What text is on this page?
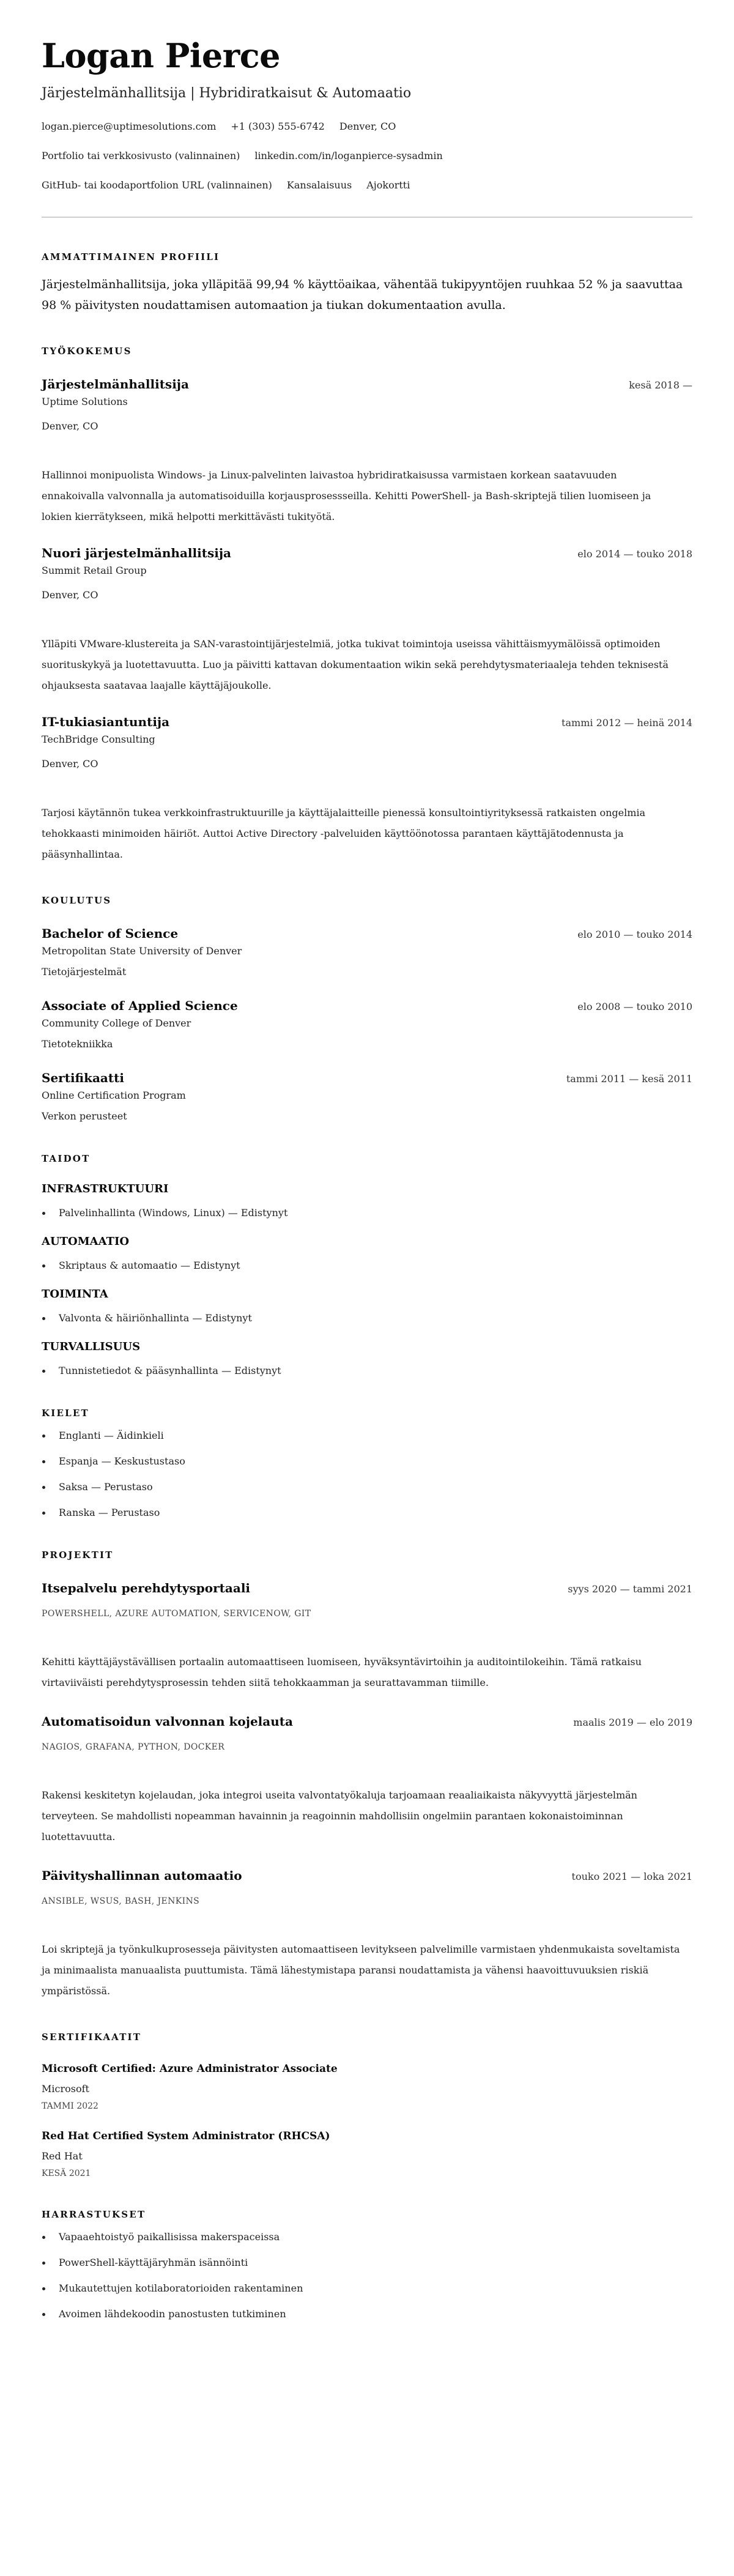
Logan Pierce
Järjestelmänhallitsija | Hybridiratkaisut & Automaatio
logan.pierce@uptimesolutions.com +1 (303) 555-6742 Denver, CO
Portfolio tai verkkosivusto (valinnainen) linkedin.com/in/loganpierce-sysadmin
GitHub- tai koodaportfolion URL (valinnainen) Kansalaisuus Ajokortti
AMMATTIMAINEN PROFIILI

Järjestelmänhallitsija, joka ylläpitää 99,94 % käyttöaikaa, vähentää tukipyyntöjen ruuhkaa 52 % ja saavuttaa 98 % päivitysten noudattamisen automaation ja tiukan dokumentaation avulla.

TYÖKOKEMUS
Järjestelmänhallitsija	kesä 2018 —
Uptime Solutions
Denver, CO

Hallinnoi monipuolista Windows- ja Linux-palvelinten laivastoa hybridiratkaisussa varmistaen korkean saatavuuden ennakoivalla valvonnalla ja automatisoiduilla korjausprosessseilla. Kehitti PowerShell- ja Bash-skriptejä tilien luomiseen ja lokien kierrätykseen, mikä helpotti merkittävästi tukityötä.

Nuori järjestelmänhallitsija	elo 2014 — touko 2018
Summit Retail Group
Denver, CO

Ylläpiti VMware-klustereita ja SAN-varastointijärjestelmiä, jotka tukivat toimintoja useissa vähittäismyymälöissä optimoiden suorituskykyä ja luotettavuutta. Luo ja päivitti kattavan dokumentaation wikin sekä perehdytysmateriaaleja tehden teknisestä ohjauksesta saatavaa laajalle käyttäjäjoukolle.

IT-tukiasiantuntija	tammi 2012 — heinä 2014
TechBridge Consulting
Denver, CO

Tarjosi käytännön tukea verkkoinfrastruktuurille ja käyttäjalaitteille pienessä konsultointiyrityksessä ratkaisten ongelmia tehokkaasti minimoiden häiriöt. Auttoi Active Directory -palveluiden käyttöönotossa parantaen käyttäjätodennusta ja pääsynhallintaa.

KOULUTUS
Bachelor of Science	elo 2010 — touko 2014
Metropolitan State University of Denver
Tietojärjestelmät
Associate of Applied Science	elo 2008 — touko 2010
Community College of Denver
Tietotekniikka
Sertifikaatti	tammi 2011 — kesä 2011
Online Certification Program
Verkon perusteet
TAIDOT
INFRASTRUKTUURI
Palvelinhallinta (Windows, Linux) — Edistynyt
AUTOMAATIO
Skriptaus & automaatio — Edistynyt
TOIMINTA
Valvonta & häiriönhallinta — Edistynyt
TURVALLISUUS
Tunnistetiedot & pääsynhallinta — Edistynyt
KIELET
Englanti — Äidinkieli
Espanja — Keskustustaso
Saksa — Perustaso
Ranska — Perustaso
PROJEKTIT
Itsepalvelu perehdytysportaali	syys 2020 — tammi 2021
POWERSHELL, AZURE AUTOMATION, SERVICENOW, GIT

Kehitti käyttäjäystävällisen portaalin automaattiseen luomiseen, hyväksyntävirtoihin ja auditointilokeihin. Tämä ratkaisu virtaviiväisti perehdytysprosessin tehden siitä tehokkaamman ja seurattavamman tiimille.

Automatisoidun valvonnan kojelauta	maalis 2019 — elo 2019
NAGIOS, GRAFANA, PYTHON, DOCKER

Rakensi keskitetyn kojelaudan, joka integroi useita valvontatyökaluja tarjoamaan reaaliaikaista näkyvyyttä järjestelmän terveyteen. Se mahdollisti nopeamman havainnin ja reagoinnin mahdollisiin ongelmiin parantaen kokonaistoiminnan luotettavuutta.

Päivityshallinnan automaatio	touko 2021 — loka 2021
ANSIBLE, WSUS, BASH, JENKINS

Loi skriptejä ja työnkulkuprosesseja päivitysten automaattiseen levitykseen palvelimille varmistaen yhdenmukaista soveltamista ja minimaalista manuaalista puuttumista. Tämä lähestymistapa paransi noudattamista ja vähensi haavoittuvuuksien riskiä ympäristössä.

SERTIFIKAATIT
Microsoft Certified: Azure Administrator Associate
Microsoft
TAMMI 2022
Red Hat Certified System Administrator (RHCSA)
Red Hat
KESÄ 2021
HARRASTUKSET
Vapaaehtoistyö paikallisissa makerspaceissa
PowerShell-käyttäjäryhmän isännöinti
Mukautettujen kotilaboratorioiden rakentaminen
Avoimen lähdekoodin panostusten tutkiminen
